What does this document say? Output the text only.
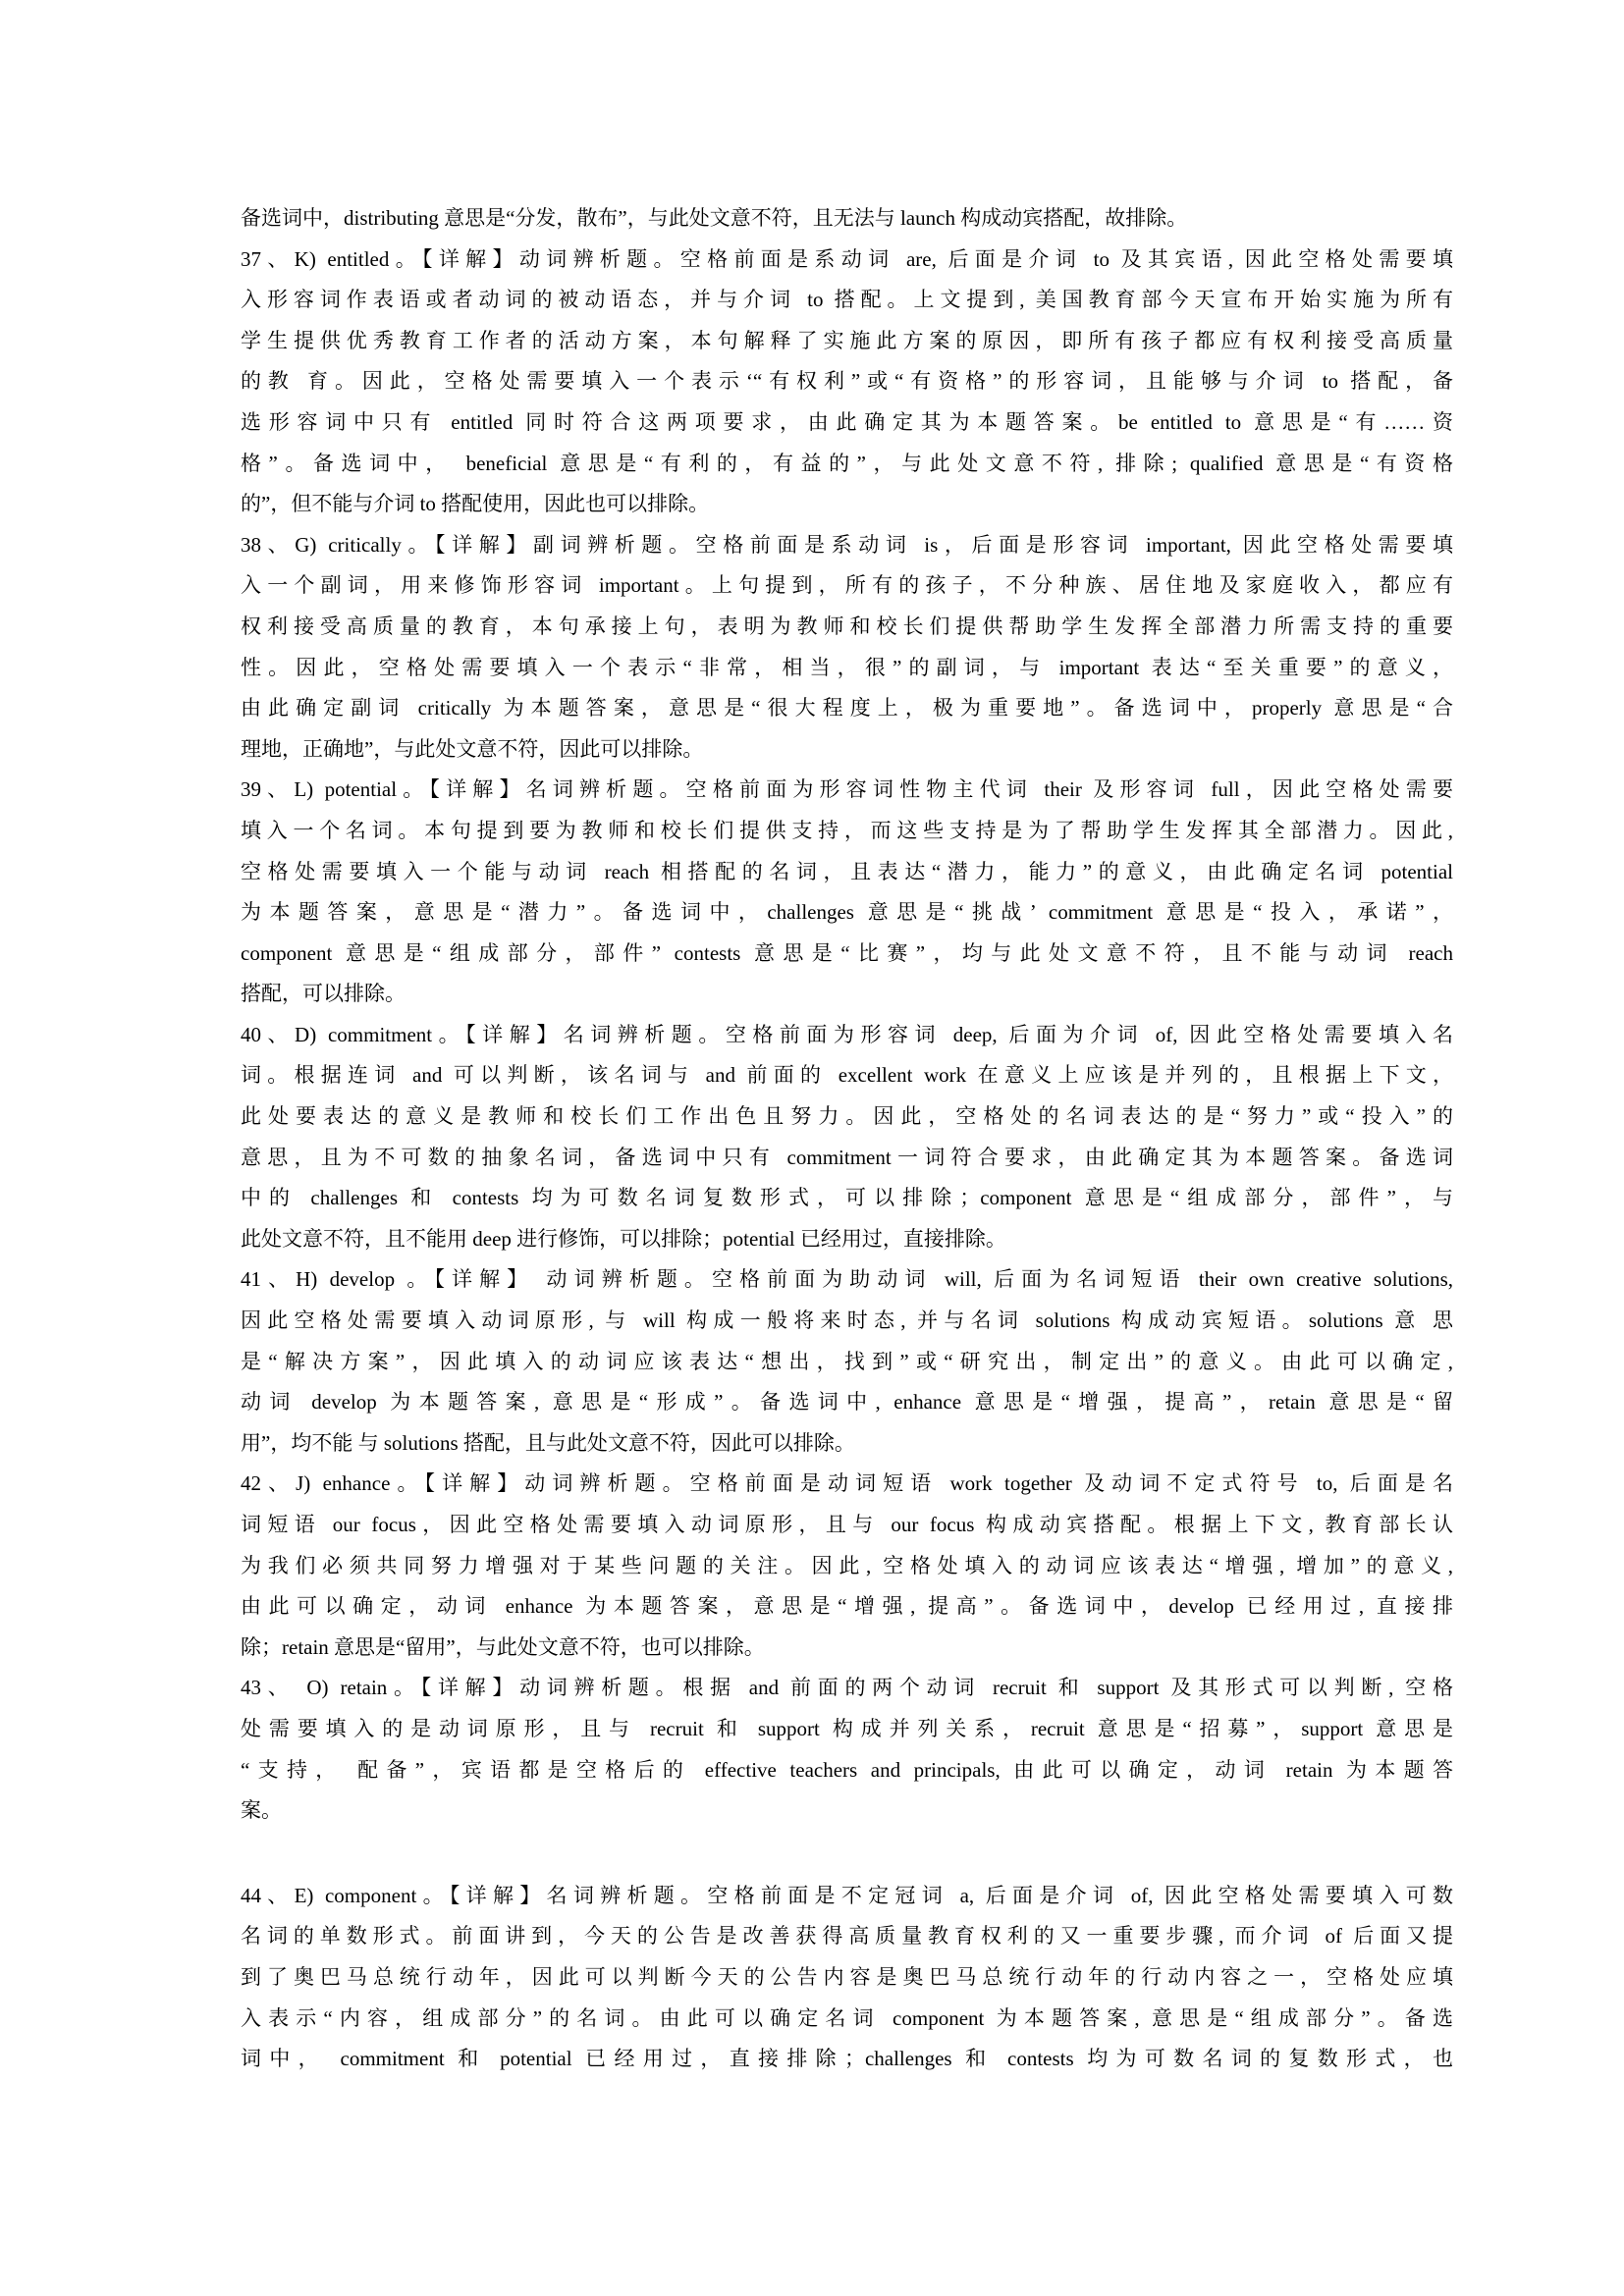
备选词中，distributing 意思是“分发，散布”，与此处文意不符，且无法与 launch 构成动宾搭配，故排除。
37、K) entitled。【详解】动词辨析题。空格前面是系动词 are, 后面是介词 to 及其宾语, 因此空格处需要填
入形容词作表语或者动词的被动语态，并与介词 to 搭配。上文提到, 美国教育部今天宣布开始实施为所有
学生提供优秀教育工作者的活动方案，本句解释了实施此方案的原因，即所有孩子都应有权利接受高质量
的教 育。因此，空格处需要填入一个表示‘“有权利”或“有资格”的形容词，且能够与介词 to 搭配，备
选形容词中只有 entitled 同时符合这两项要求，由此确定其为本题答案。be entitled to 意思是“有……资
格”。备选词中， beneficial 意思是“有利的，有益的”，与此处文意不符, 排除; qualified 意思是“有资格
的”，但不能与介词 to 搭配使用，因此也可以排除。
38、G) critically。【详解】副词辨析题。空格前面是系动词 is，后面是形容词 important, 因此空格处需要填
入一个副词，用来修饰形容词 important。上句提到，所有的孩子，不分种族、居住地及家庭收入，都应有
权利接受高质量的教育，本句承接上句，表明为教师和校长们提供帮助学生发挥全部潜力所需支持的重要
性。因此，空格处需要填入一个表示“非常，相当，很”的副词，与 important 表达“至关重要”的意义，
由此确定副词 critically 为本题答案，意思是“很大程度上，极为重要地”。备选词中，properly 意思是“合
理地，正确地”，与此处文意不符，因此可以排除。
39、L) potential。【详解】名词辨析题。空格前面为形容词性物主代词 their 及形容词 full，因此空格处需要
填入一个名词。本句提到要为教师和校长们提供支持，而这些支持是为了帮助学生发挥其全部潜力。因此,
空格处需要填入一个能与动词 reach 相搭配的名词，且表达“潜力，能力”的意义，由此确定名词 potential
为本题答案，意思是“潜力”。备选词中，challenges 意思是“挑战’ commitment 意思是“投入，承诺”，
component 意思是“组成部分，部件” contests 意思是“比赛”，均与此处文意不符，且不能与动词 reach
搭配，可以排除。
40、D) commitment。【详解】名词辨析题。空格前面为形容词 deep, 后面为介词 of, 因此空格处需要填入名
词。根据连词 and 可以判断，该名词与 and 前面的 excellent work 在意义上应该是并列的，且根据上下文，
此处要表达的意义是教师和校长们工作出色且努力。因此，空格处的名词表达的是“努力”或“投入”的
意思，且为不可数的抽象名词，备选词中只有 commitment一词符合要求，由此确定其为本题答案。备选词
中的 challenges 和 contests 均为可数名词复数形式，可以排除；component 意思是“组成部分，部件”，与
此处文意不符，且不能用 deep 进行修饰，可以排除；potential 已经用过，直接排除。
41、H) develop 。【详解】 动词辨析题。空格前面为助动词 will, 后面为名词短语 their own creative solutions,
因此空格处需要填入动词原形, 与 will 构成一般将来时态, 并与名词 solutions 构成动宾短语。solutions 意 思
是“解决方案”，因此填入的动词应该表达“想出，找到”或“研究出，制定出”的意义。由此可以确定,
动词 develop 为本题答案, 意思是“形成”。备选词中, enhance 意思是“增强，提高”，retain 意思是“留
用”，均不能 与 solutions 搭配，且与此处文意不符，因此可以排除。
42、J) enhance。【详解】动词辨析题。空格前面是动词短语 work together 及动词不定式符号 to, 后面是名
词短语 our focus，因此空格处需要填入动词原形，且与 our focus 构成动宾搭配。根据上下文, 教育部长认
为我们必须共同努力增强对于某些问题的关注。因此, 空格处填入的动词应该表达“增强, 增加”的意义,
由此可以确定，动词 enhance 为本题答案，意思是“增强, 提高”。备选词中，develop 已经用过, 直接排
除；retain 意思是“留用”，与此处文意不符，也可以排除。
43、 O) retain。【详解】动词辨析题。根据 and 前面的两个动词 recruit 和 support 及其形式可以判断, 空格
处需要填入的是动词原形，且与 recruit 和 support 构成并列关系，recruit 意思是“招募”，support 意思是
“支持， 配备”，宾语都是空格后的 effective teachers and principals, 由此可以确定，动词 retain 为本题答
案。
44、E) component。【详解】名词辨析题。空格前面是不定冠词 a, 后面是介词 of, 因此空格处需要填入可数
名词的单数形式。前面讲到，今天的公告是改善获得高质量教育权利的又一重要步骤, 而介词 of 后面又提
到了奥巴马总统行动年，因此可以判断今天的公告内容是奥巴马总统行动年的行动内容之一，空格处应填
入表示“内容，组成部分”的名词。由此可以确定名词 component 为本题答案, 意思是“组成部分”。备选
词中， commitment 和 potential 已经用过，直接排除；challenges 和 contests 均为可数名词的复数形式，也
